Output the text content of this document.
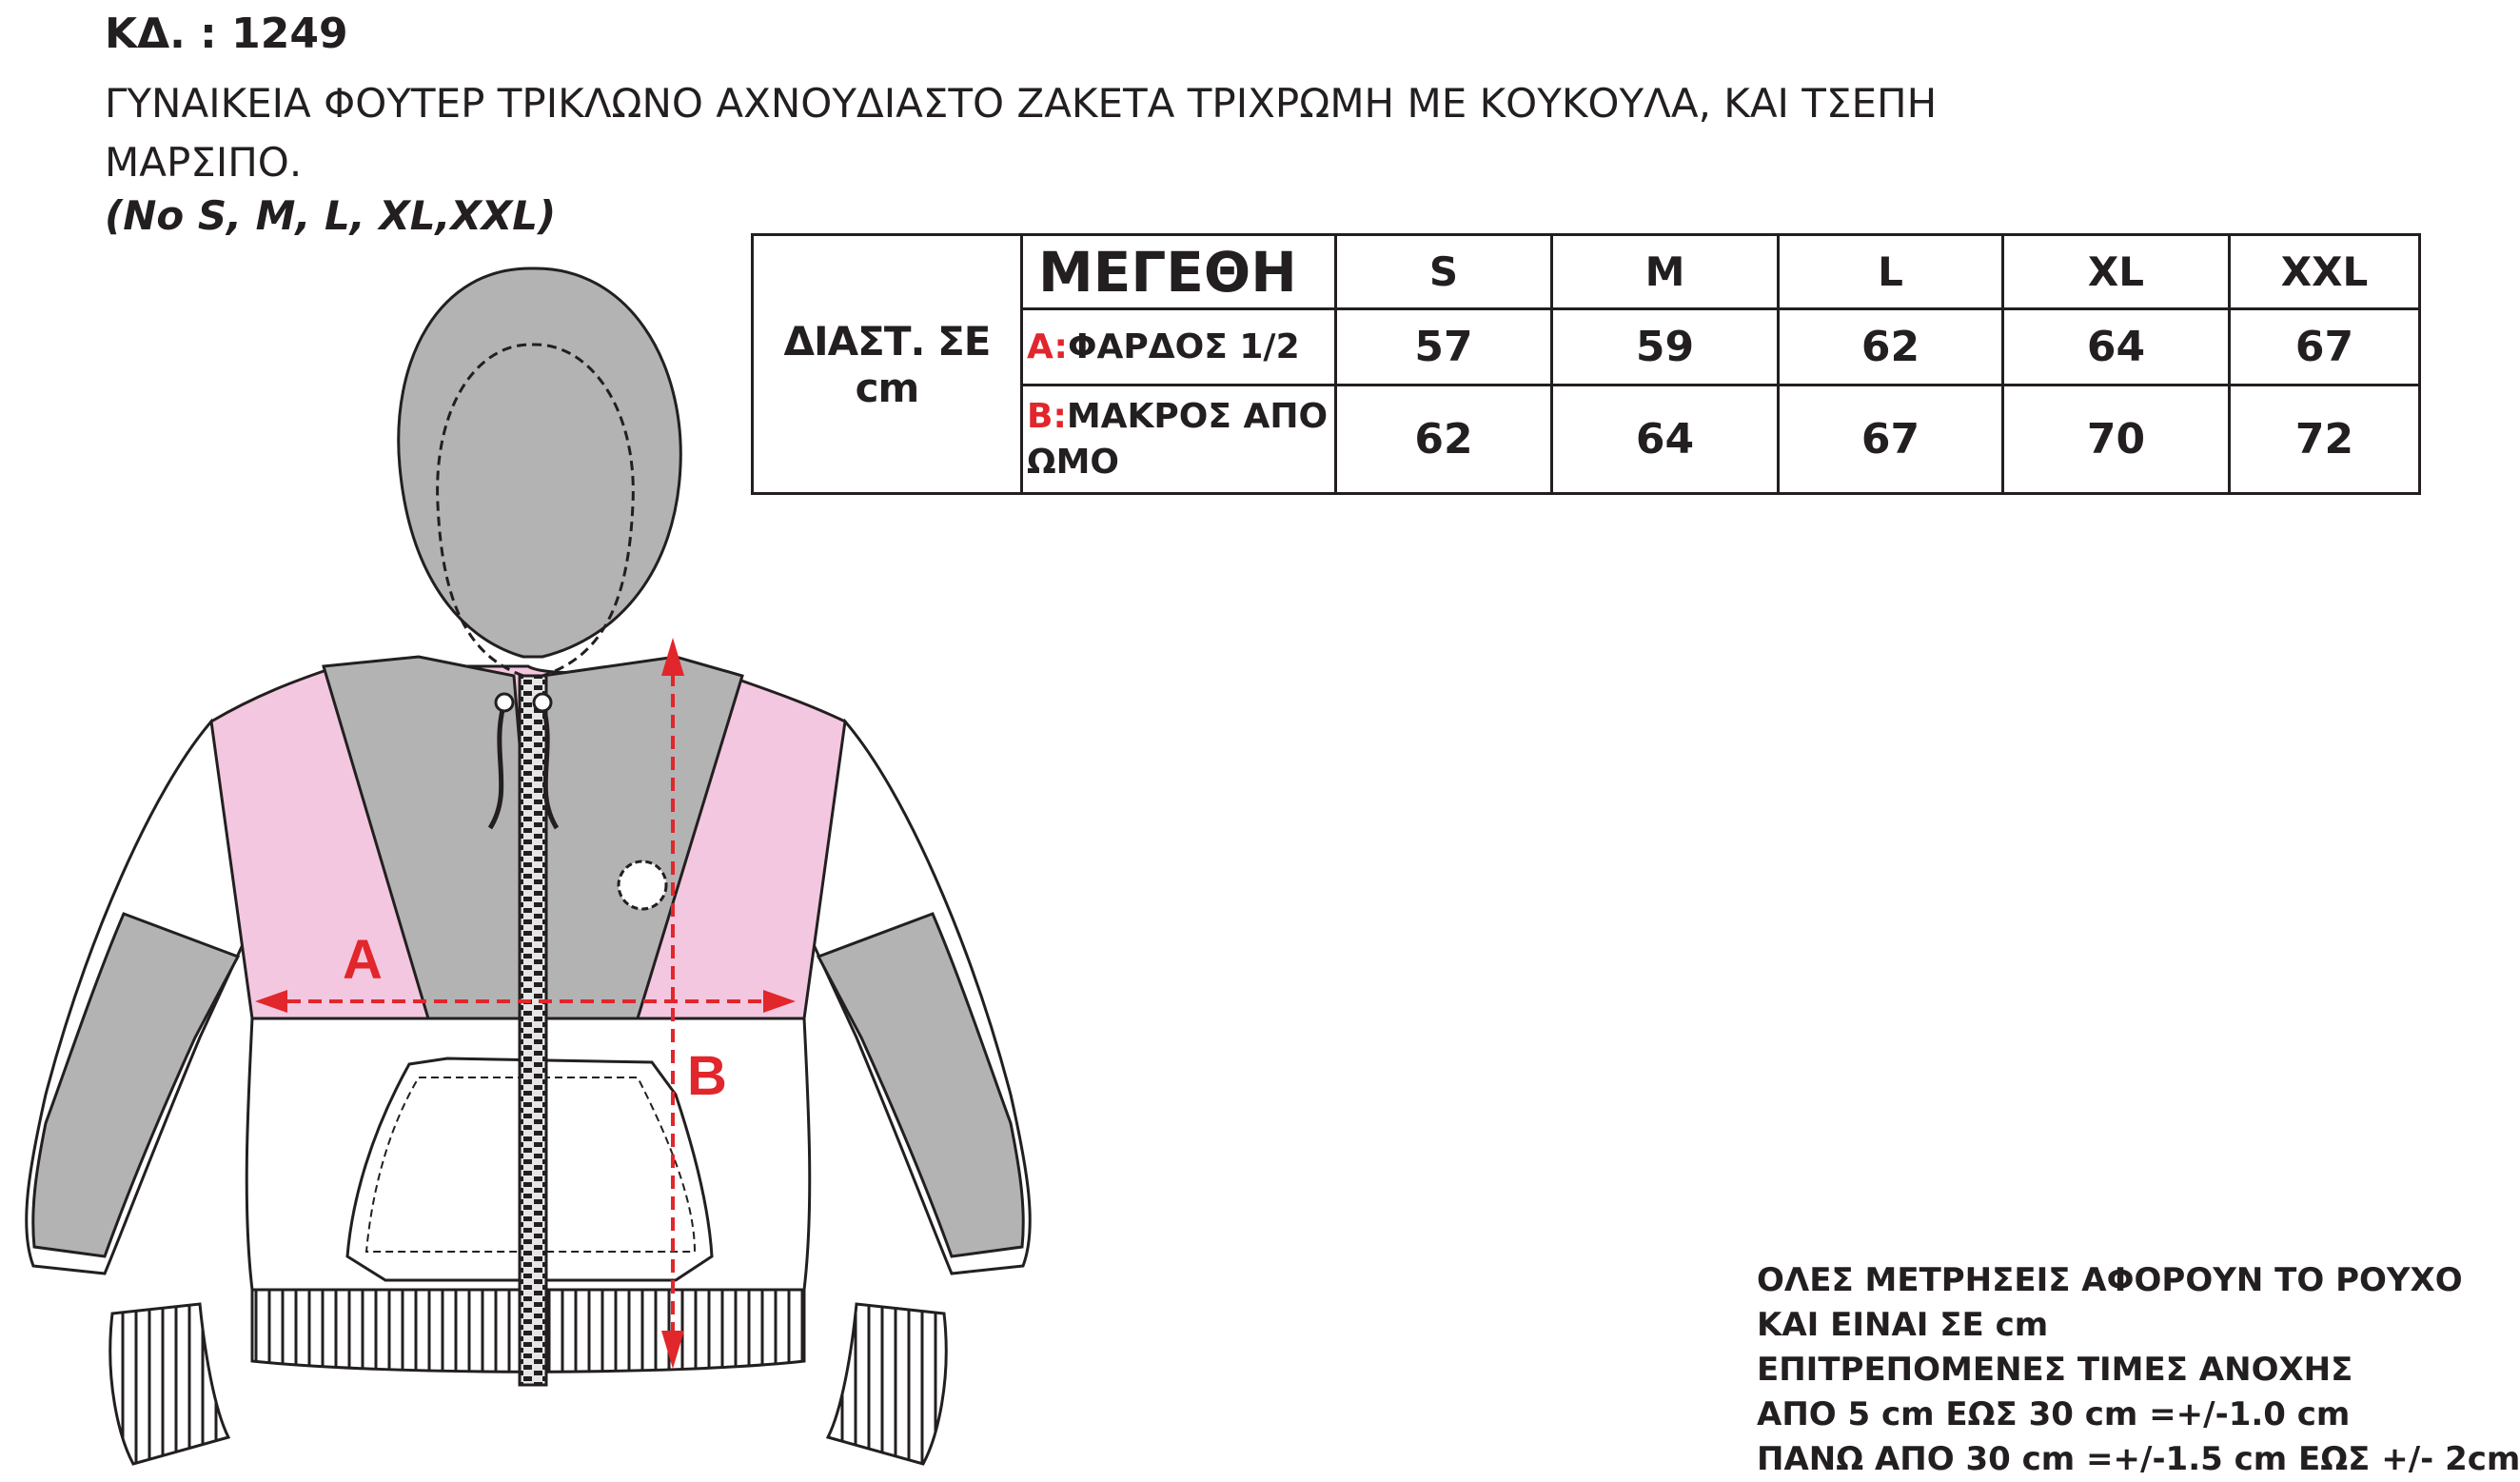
ΚΔ. : 1249
ΓΥΝΑΙΚΕΙΑ ΦΟΥΤΕΡ ΤΡΙΚΛΩΝΟ ΑΧΝΟΥΔΙΑΣΤΟ ΖΑΚΕΤΑ ΤΡΙΧΡΩΜΗ ΜΕ ΚΟΥΚΟΥΛΑ, ΚΑΙ ΤΣΕΠΗ ΜΑΡΣΙΠΟ.
(No S, M, L, XL,XXL)
ΔΙΑΣΤ. ΣΕ cm	ΜΕΓΕΘΗ	S	M	L	XL	XXL
	A:ΦΑΡΔΟΣ 1/2	57	59	62	64	67
	B:ΜΑΚΡΟΣ ΑΠΟ ΩΜΟ	62	64	67	70	72
A
B
ΟΛΕΣ ΜΕΤΡΗΣΕΙΣ ΑΦΟΡΟΥΝ ΤΟ ΡΟΥΧΟ
ΚΑΙ ΕΙΝΑΙ ΣΕ cm
ΕΠΙΤΡΕΠΟΜΕΝΕΣ ΤΙΜΕΣ ΑΝΟΧΗΣ
ΑΠΟ 5 cm ΕΩΣ 30 cm =+/-1.0 cm
ΠΑΝΩ ΑΠΟ 30 cm =+/-1.5 cm ΕΩΣ +/- 2cm
